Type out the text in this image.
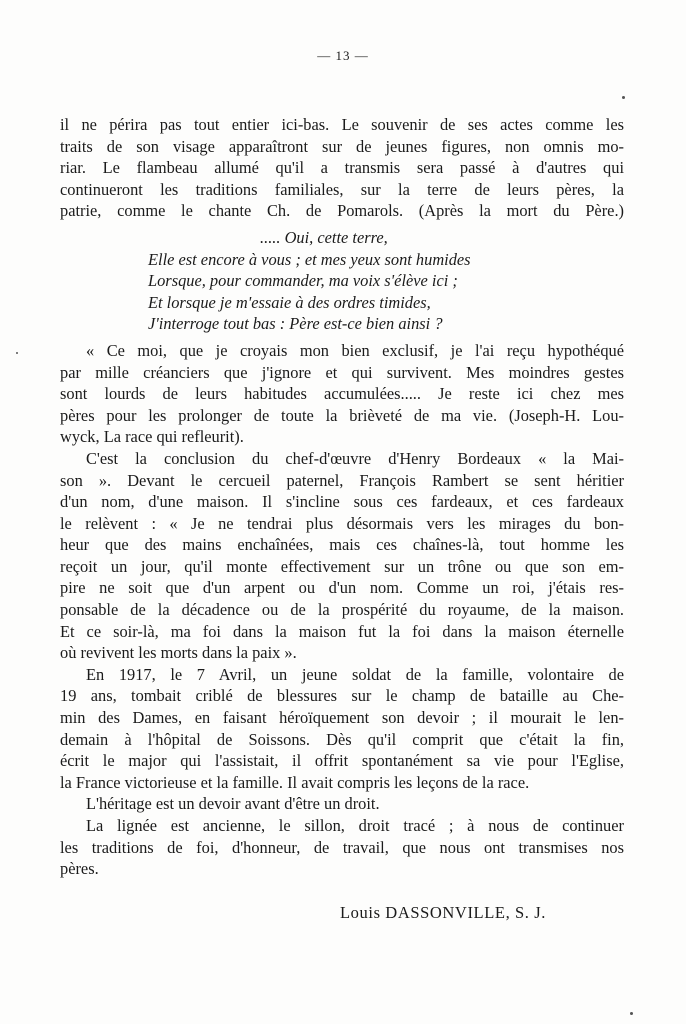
— 13 —
il ne périra pas tout entier ici-bas. Le souvenir de ses actes comme les
traits de son visage apparaîtront sur de jeunes figures, non omnis mo-
riar. Le flambeau allumé qu'il a transmis sera passé à d'autres qui
continueront les traditions familiales, sur la terre de leurs pères, la
patrie, comme le chante Ch. de Pomarols. (Après la mort du Père.)
..... Oui, cette terre,
Elle est encore à vous ; et mes yeux sont humides
Lorsque, pour commander, ma voix s'élève ici ;
Et lorsque je m'essaie à des ordres timides,
J'interroge tout bas : Père est-ce bien ainsi ?
« Ce moi, que je croyais mon bien exclusif, je l'ai reçu hypothéqué
par mille créanciers que j'ignore et qui survivent. Mes moindres gestes
sont lourds de leurs habitudes accumulées..... Je reste ici chez mes
pères pour les prolonger de toute la brièveté de ma vie. (Joseph-H. Lou-
wyck, La race qui refleurit).
C'est la conclusion du chef-d'œuvre d'Henry Bordeaux « la Mai-
son ». Devant le cercueil paternel, François Rambert se sent héritier
d'un nom, d'une maison. Il s'incline sous ces fardeaux, et ces fardeaux
le relèvent : « Je ne tendrai plus désormais vers les mirages du bon-
heur que des mains enchaînées, mais ces chaînes-là, tout homme les
reçoit un jour, qu'il monte effectivement sur un trône ou que son em-
pire ne soit que d'un arpent ou d'un nom. Comme un roi, j'étais res-
ponsable de la décadence ou de la prospérité du royaume, de la maison.
Et ce soir-là, ma foi dans la maison fut la foi dans la maison éternelle
où revivent les morts dans la paix ».
En 1917, le 7 Avril, un jeune soldat de la famille, volontaire de
19 ans, tombait criblé de blessures sur le champ de bataille au Che-
min des Dames, en faisant héroïquement son devoir ; il mourait le len-
demain à l'hôpital de Soissons. Dès qu'il comprit que c'était la fin,
écrit le major qui l'assistait, il offrit spontanément sa vie pour l'Eglise,
la France victorieuse et la famille. Il avait compris les leçons de la race.
L'héritage est un devoir avant d'être un droit.
La lignée est ancienne, le sillon, droit tracé ; à nous de continuer
les traditions de foi, d'honneur, de travail, que nous ont transmises nos
pères.
Louis DASSONVILLE, S. J.
